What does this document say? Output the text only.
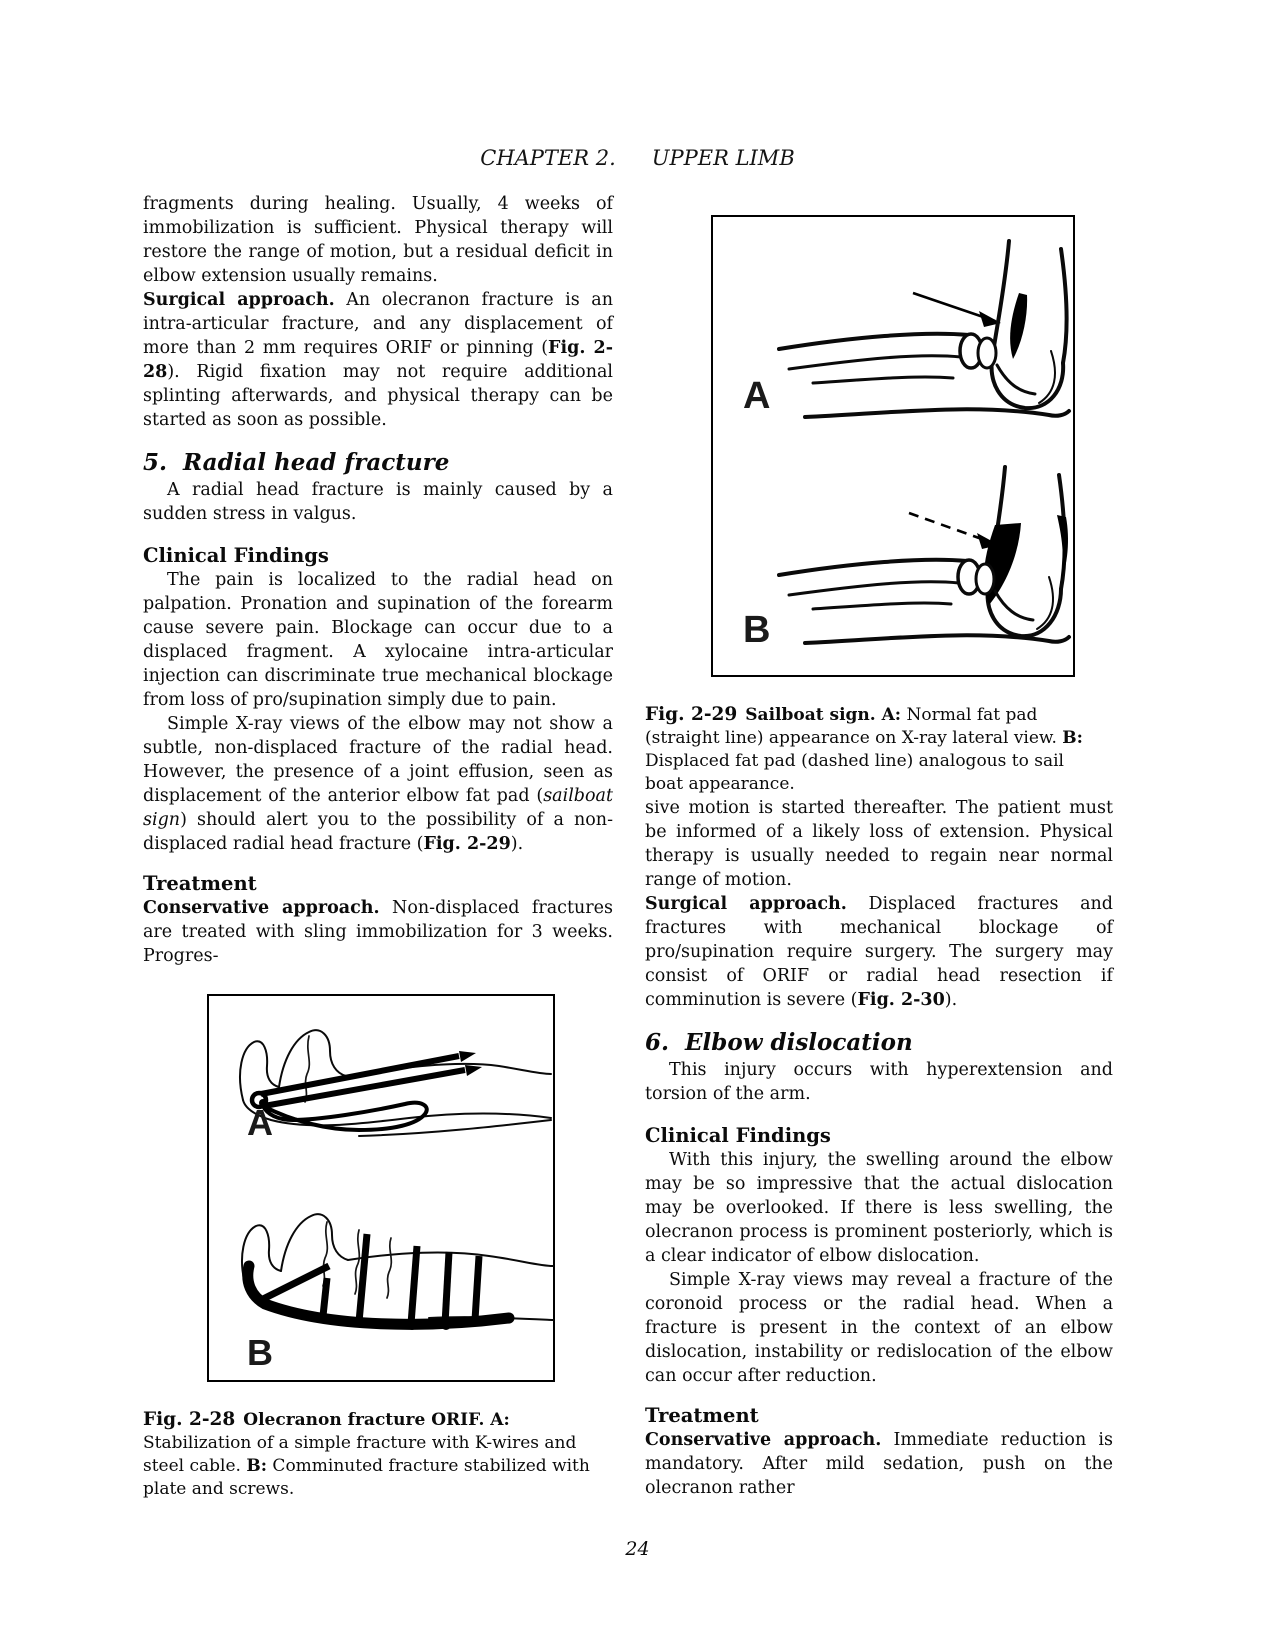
CHAPTER 2. UPPER LIMB

fragments during healing. Usually, 4 weeks of immobilization is sufficient. Physical therapy will restore the range of motion, but a residual deficit in elbow extension usually remains.

Surgical approach. An olecranon fracture is an intra-articular fracture, and any displacement of more than 2 mm requires ORIF or pinning (Fig. 2-28). Rigid fixation may not require additional splinting afterwards, and physical therapy can be started as soon as possible.

5.  Radial head fracture

A radial head fracture is mainly caused by a sudden stress in valgus.

Clinical Findings

The pain is localized to the radial head on palpation. Pronation and supination of the forearm cause severe pain. Blockage can occur due to a displaced fragment. A xylocaine intra-articular injection can discriminate true mechanical blockage from loss of pro/supination simply due to pain.

Simple X-ray views of the elbow may not show a subtle, non-displaced fracture of the radial head. However, the presence of a joint effusion, seen as displacement of the anterior elbow fat pad (sailboat sign) should alert you to the possibility of a non-displaced radial head fracture (Fig. 2-29).

Treatment

Conservative approach. Non-displaced fractures are treated with sling immobilization for 3 weeks. Progres-

A
B

Fig. 2-28 Olecranon fracture ORIF. A: Stabilization of a simple fracture with K-wires and steel cable. B: Comminuted fracture stabilized with plate and screws.

A
B

Fig. 2-29 Sailboat sign. A: Normal fat pad (straight line) appearance on X-ray lateral view. B: Displaced fat pad (dashed line) analogous to sail boat appearance.

sive motion is started thereafter. The patient must be informed of a likely loss of extension. Physical therapy is usually needed to regain near normal range of motion.

Surgical approach. Displaced fractures and fractures with mechanical blockage of pro/supination require surgery. The surgery may consist of ORIF or radial head resection if comminution is severe (Fig. 2-30).

6.  Elbow dislocation

This injury occurs with hyperextension and torsion of the arm.

Clinical Findings

With this injury, the swelling around the elbow may be so impressive that the actual dislocation may be overlooked. If there is less swelling, the olecranon process is prominent posteriorly, which is a clear indicator of elbow dislocation.

Simple X-ray views may reveal a fracture of the coronoid process or the radial head. When a fracture is present in the context of an elbow dislocation, instability or redislocation of the elbow can occur after reduction.

Treatment

Conservative approach. Immediate reduction is mandatory. After mild sedation, push on the olecranon rather

24
